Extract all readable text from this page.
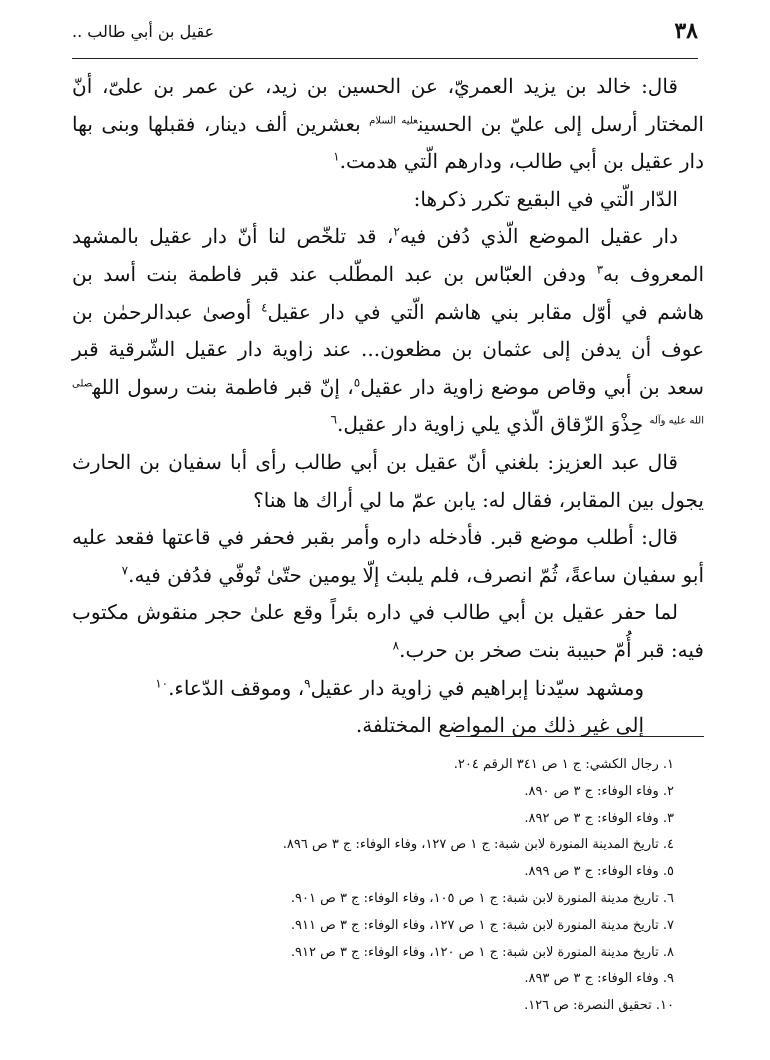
٣٨
عقيل بن أبي طالب ..

قال: خالد بن يزيد العمريّ، عن الحسين بن زيد، عن عمر بن علىّ، أنّ المختار أرسل إلى عليّ بن الحسين$^{عليه السلام}$ بعشرين ألف دينار، فقبلها وبنى بها دار عقيل بن أبي طالب، ودارهم الّتي هدمت.$^١$

الدّار الّتي في البقيع تكرر ذكرها:

دار عقيل الموضع الّذي دُفن فيه$^٢$، قد تلخّص لنا أنّ دار عقيل بالمشهد المعروف به$^٣$ ودفن العبّاس بن عبد المطّلب عند قبر فاطمة بنت أسد بن هاشم في أوّل مقابر بني هاشم الّتي في دار عقيل$^٤$ أوصىٰ عبدالرحمٰن بن عوف أن يدفن إلى عثمان بن مظعون... عند زاوية دار عقيل الشّرقية قبر سعد بن أبي وقاص موضع زاوية دار عقيل$^٥$، إنّ قبر فاطمة بنت رسول الله$^{صلى الله عليه وآله}$ حِذْوَ الزّقاق الّذي يلي زاوية دار عقيل.$^٦$

قال عبد العزيز: بلغني أنّ عقيل بن أبي طالب رأى أبا سفيان بن الحارث يجول بين المقابر، فقال له: يابن عمّ ما لي أراك ها هنا؟

قال: أطلب موضع قبر. فأدخله داره وأمر بقبر فحفر في قاعتها فقعد عليه أبو سفيان ساعةً، ثُمّ انصرف، فلم يلبث إلّا يومين حتّىٰ تُوفّي فدُفن فيه.$^٧$

لما حفر عقيل بن أبي طالب في داره بئراً وقع علىٰ حجر منقوش مكتوب فيه: قبر أُمّ حبيبة بنت صخر بن حرب.$^٨$

ومشهد سيّدنا إبراهيم في زاوية دار عقيل$^٩$، وموقف الدّعاء.$^{١٠}$

إلى غير ذلك من المواضع المختلفة.

١. رجال الكشي: ج ١ ص ٣٤١ الرقم ٢٠٤.
٢. وفاء الوفاء: ج ٣ ص ٨٩٠.
٣. وفاء الوفاء: ج ٣ ص ٨٩٢.
٤. تاريخ المدينة المنورة لابن شبة: ج ١ ص ١٢٧، وفاء الوفاء: ج ٣ ص ٨٩٦.
٥. وفاء الوفاء: ج ٣ ص ٨٩٩.
٦. تاريخ مدينة المنورة لابن شبة: ج ١ ص ١٠٥، وفاء الوفاء: ج ٣ ص ٩٠١.
٧. تاريخ مدينة المنورة لابن شبة: ج ١ ص ١٢٧، وفاء الوفاء: ج ٣ ص ٩١١.
٨. تاريخ مدينة المنورة لابن شبة: ج ١ ص ١٢٠، وفاء الوفاء: ج ٣ ص ٩١٢.
٩. وفاء الوفاء: ج ٣ ص ٨٩٣.
١٠. تحقيق النصرة: ص ١٢٦.
